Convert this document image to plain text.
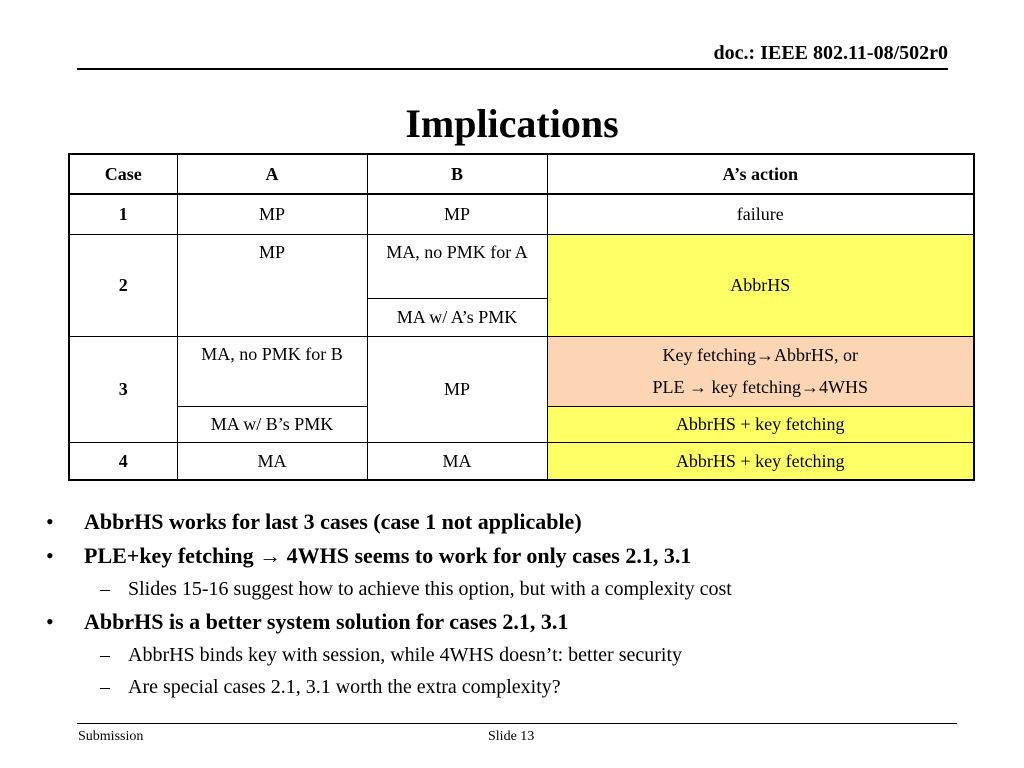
doc.: IEEE 802.11-08/502r0
Implications
Case	A	B	A’s action
1	MP	MP	failure
2	MP	MA, no PMK for A	AbbrHS
		MA w/ A’s PMK	
3	MA, no PMK for B	MP	Key fetching→AbbrHS, or
PLE → key fetching→4WHS

	MA w/ B’s PMK		AbbrHS + key fetching
4	MA	MA	AbbrHS + key fetching
• AbbrHS works for last 3 cases (case 1 not applicable)
• PLE+key fetching → 4WHS seems to work for only cases 2.1, 3.1
– Slides 15-16 suggest how to achieve this option, but with a complexity cost
• AbbrHS is a better system solution for cases 2.1, 3.1
– AbbrHS binds key with session, while 4WHS doesn’t: better security
– Are special cases 2.1, 3.1 worth the extra complexity?
Submission	Slide 13
